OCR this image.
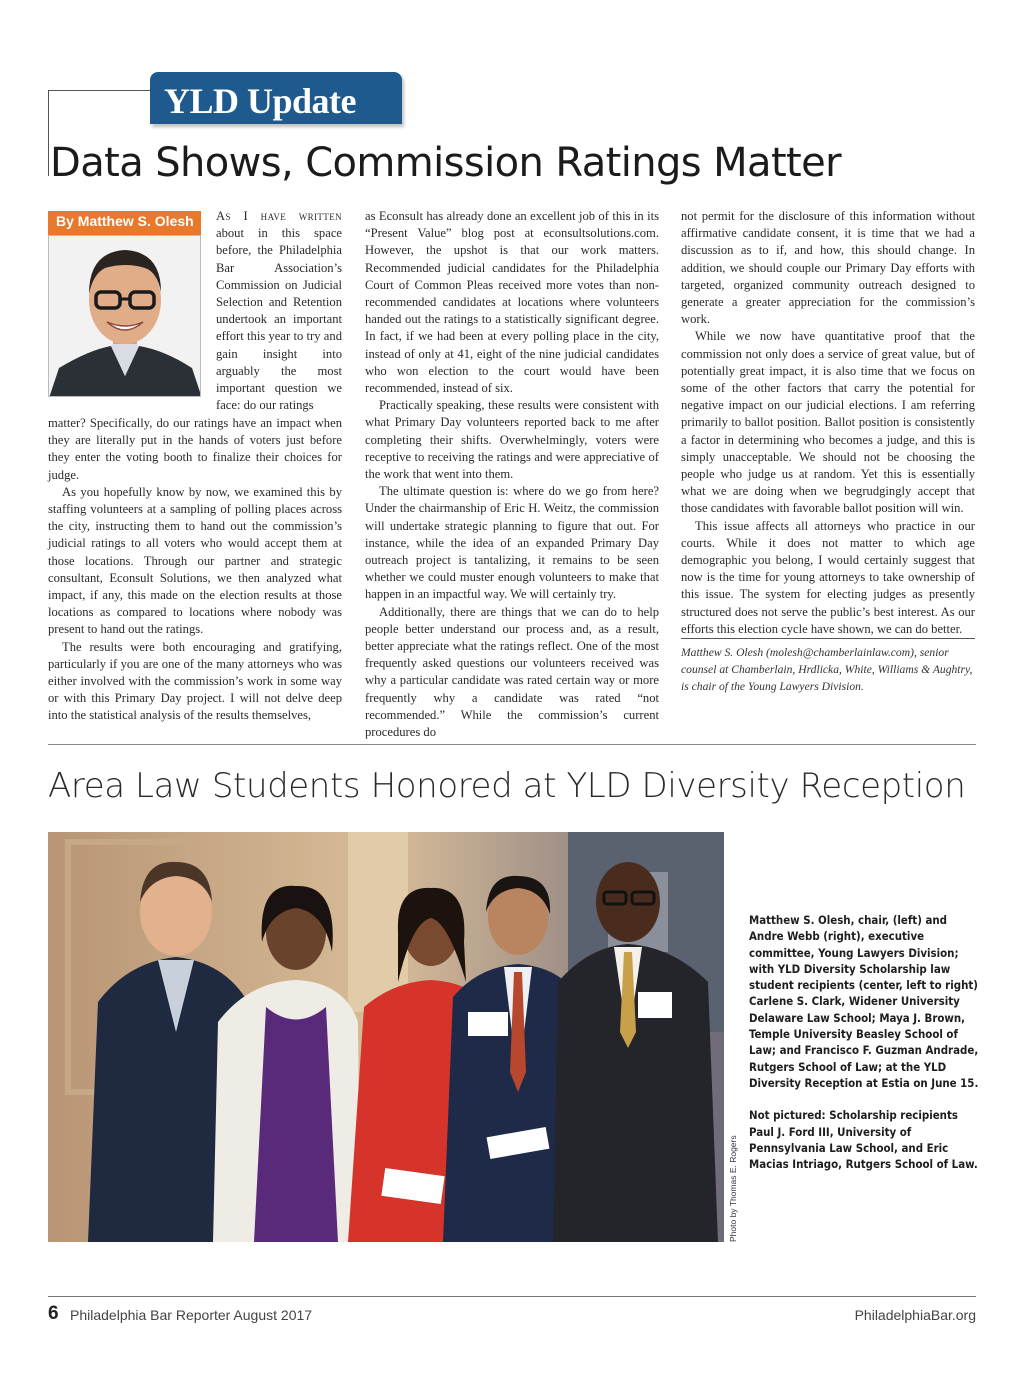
YLD Update
Data Shows, Commission Ratings Matter
By Matthew S. Olesh As I have written about in this space before, the Philadelphia Bar Association’s Commission on Judicial Selection and Retention undertook an important effort this year to try and gain insight into arguably the most important question we face: do our ratings

matter? Specifically, do our ratings have an impact when they are literally put in the hands of voters just before they enter the voting booth to finalize their choices for judge.

As you hopefully know by now, we examined this by staffing volunteers at a sampling of polling places across the city, instructing them to hand out the commission’s judicial ratings to all voters who would accept them at those locations. Through our partner and strategic consultant, Econsult Solutions, we then analyzed what impact, if any, this made on the election results at those locations as compared to locations where nobody was present to hand out the ratings.

The results were both encouraging and gratifying, particularly if you are one of the many attorneys who was either involved with the commission’s work in some way or with this Primary Day project. I will not delve deep into the statistical analysis of the results themselves,

as Econsult has already done an excellent job of this in its “Present Value” blog post at econsultsolutions.com. However, the upshot is that our work matters. Recommended judicial candidates for the Philadelphia Court of Common Pleas received more votes than non-recommended candidates at locations where volunteers handed out the ratings to a statistically significant degree. In fact, if we had been at every polling place in the city, instead of only at 41, eight of the nine judicial candidates who won election to the court would have been recommended, instead of six.

Practically speaking, these results were consistent with what Primary Day volunteers reported back to me after completing their shifts. Overwhelmingly, voters were receptive to receiving the ratings and were appreciative of the work that went into them.

The ultimate question is: where do we go from here? Under the chairmanship of Eric H. Weitz, the commission will undertake strategic planning to figure that out. For instance, while the idea of an expanded Primary Day outreach project is tantalizing, it remains to be seen whether we could muster enough volunteers to make that happen in an impactful way. We will certainly try.

Additionally, there are things that we can do to help people better understand our process and, as a result, better appreciate what the ratings reflect. One of the most frequently asked questions our volunteers received was why a particular candidate was rated certain way or more frequently why a candidate was rated “not recommended.” While the commission’s current procedures do

not permit for the disclosure of this information without affirmative candidate consent, it is time that we had a discussion as to if, and how, this should change. In addition, we should couple our Primary Day efforts with targeted, organized community outreach designed to generate a greater appreciation for the commission’s work.

While we now have quantitative proof that the commission not only does a service of great value, but of potentially great impact, it is also time that we focus on some of the other factors that carry the potential for negative impact on our judicial elections. I am referring primarily to ballot position. Ballot position is consistently a factor in determining who becomes a judge, and this is simply unacceptable. We should not be choosing the people who judge us at random. Yet this is essentially what we are doing when we begrudgingly accept that those candidates with favorable ballot position will win.

This issue affects all attorneys who practice in our courts. While it does not matter to which age demographic you belong, I would certainly suggest that now is the time for young attorneys to take ownership of this issue. The system for electing judges as presently structured does not serve the public’s best interest. As our efforts this election cycle have shown, we can do better.

Matthew S. Olesh (molesh@chamberlainlaw.com), senior counsel at Chamberlain, Hrdlicka, White, Williams & Aughtry, is chair of the Young Lawyers Division.
Area Law Students Honored at YLD Diversity Reception
Photo by Thomas E. Rogers

Matthew S. Olesh, chair, (left) and Andre Webb (right), executive committee, Young Lawyers Division; with YLD Diversity Scholarship law student recipients (center, left to right) Carlene S. Clark, Widener University Delaware Law School; Maya J. Brown, Temple University Beasley School of Law; and Francisco F. Guzman Andrade, Rutgers School of Law; at the YLD Diversity Reception at Estia on June 15.

Not pictured: Scholarship recipients Paul J. Ford III, University of Pennsylvania Law School, and Eric Macias Intriago, Rutgers School of Law.

6 Philadelphia Bar Reporter August 2017	PhiladelphiaBar.org
